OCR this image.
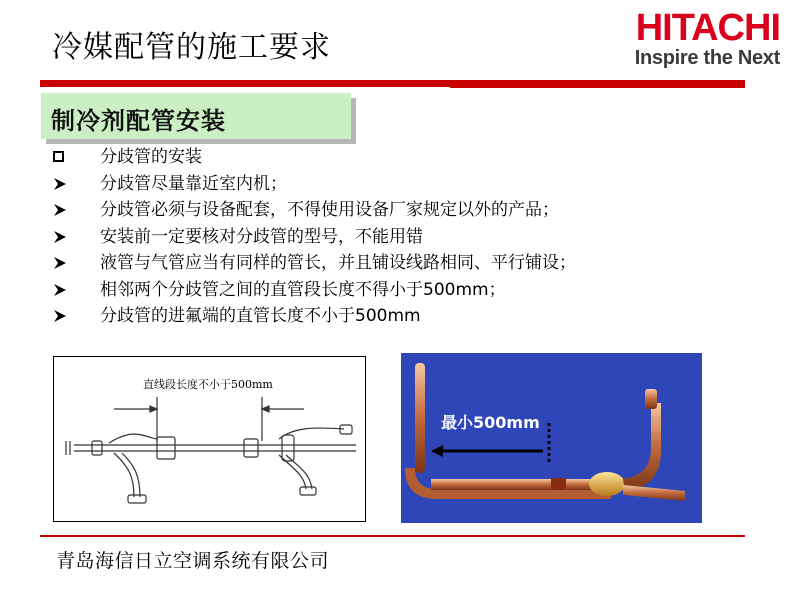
冷媒配管的施工要求	HITACHI
Inspire the Next
制冷剂配管安装
分歧管的安装
分歧管尽量靠近室内机；
分歧管必须与设备配套，不得使用设备厂家规定以外的产品；
安装前一定要核对分歧管的型号，不能用错
液管与气管应当有同样的管长，并且铺设线路相同、平行铺设；
相邻两个分歧管之间的直管段长度不得小于500mm；
分歧管的进氟端的直管长度不小于500mm
直线段长度不小于500mm
最小500mm
青岛海信日立空调系统有限公司
